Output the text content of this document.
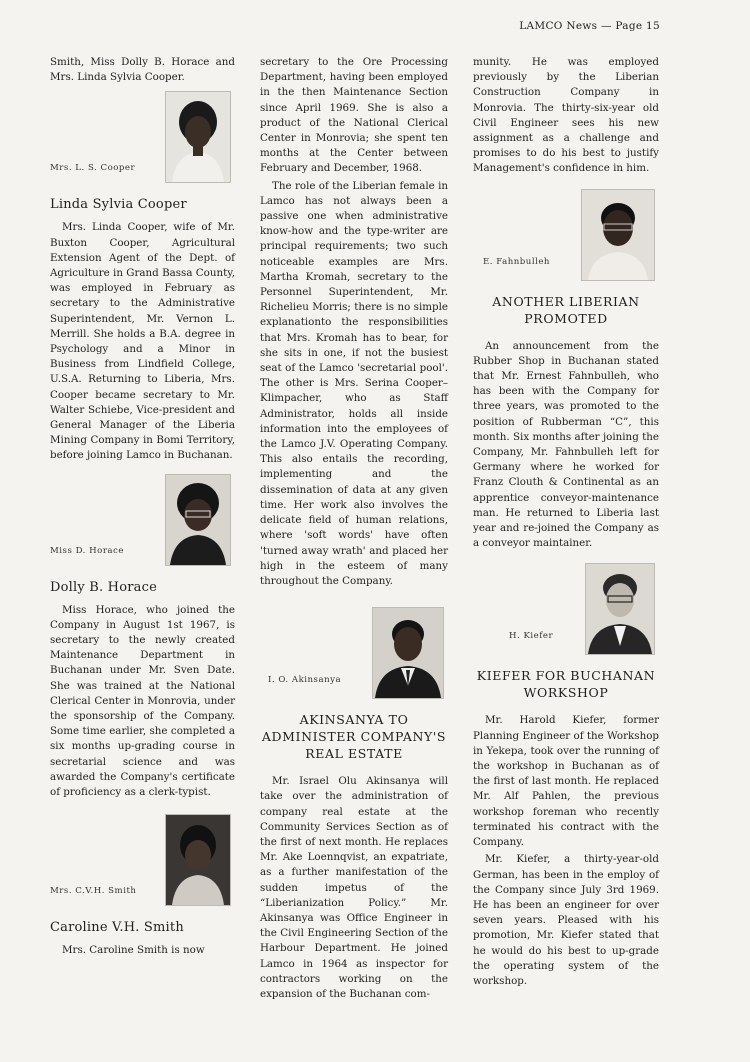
LAMCO News — Page 15

Smith, Miss Dolly B. Horace and Mrs. Linda Sylvia Cooper.

Mrs. L. S. Cooper
Linda Sylvia Cooper

Mrs. Linda Cooper, wife of Mr. Buxton Cooper, Agricultural Extension Agent of the Dept. of Agriculture in Grand Bassa County, was employed in February as secretary to the Administrative Superintendent, Mr. Vernon L. Merrill. She holds a B.A. degree in Psychology and a Minor in Business from Lindfield College, U.S.A. Returning to Liberia, Mrs. Cooper became secretary to Mr. Walter Schiebe, Vice-president and General Manager of the Liberia Mining Company in Bomi Territory, before joining Lamco in Buchanan.

Miss D. Horace
Dolly B. Horace

Miss Horace, who joined the Company in August 1st 1967, is secretary to the newly created Maintenance Department in Buchanan under Mr. Sven Date. She was trained at the National Clerical Center in Monrovia, under the sponsorship of the Company. Some time earlier, she completed a six months up-grading course in secretarial science and was awarded the Company's certificate of proficiency as a clerk-typist.

Mrs. C.V.H. Smith
Caroline V.H. Smith

Mrs. Caroline Smith is now

secretary to the Ore Processing Department, having been employed in the then Maintenance Section since April 1969. She is also a product of the National Clerical Center in Monrovia; she spent ten months at the Center between February and December, 1968.

The role of the Liberian female in Lamco has not always been a passive one when administrative know-how and the type-writer are principal requirements; two such noticeable examples are Mrs. Martha Kromah, secretary to the Personnel Superintendent, Mr. Richelieu Morris; there is no simple explanationto the responsibilities that Mrs. Kromah has to bear, for she sits in one, if not the busiest seat of the Lamco 'secretarial pool'. The other is Mrs. Serina Cooper–Klimpacher, who as Staff Administrator, holds all inside information into the employees of the Lamco J.V. Operating Company. This also entails the recording, implementing and the dissemination of data at any given time. Her work also involves the delicate field of human relations, where 'soft words' have often 'turned away wrath' and placed her high in the esteem of many throughout the Company.

I. O. Akinsanya
AKINSANYA TO ADMINISTER COMPANY'S REAL ESTATE

Mr. Israel Olu Akinsanya will take over the administration of company real estate at the Community Services Section as of the first of next month. He replaces Mr. Ake Loennqvist, an expatriate, as a further manifestation of the sudden impetus of the “Liberianization Policy.” Mr. Akinsanya was Office Engineer in the Civil Engineering Section of the Harbour Department. He joined Lamco in 1964 as inspector for contractors working on the expansion of the Buchanan com-

munity. He was employed previously by the Liberian Construction Company in Monrovia. The thirty-six-year old Civil Engineer sees his new assignment as a challenge and promises to do his best to justify Management's confidence in him.

E. Fahnbulleh
ANOTHER LIBERIAN PROMOTED

An announcement from the Rubber Shop in Buchanan stated that Mr. Ernest Fahnbulleh, who has been with the Company for three years, was promoted to the position of Rubberman “C”, this month. Six months after joining the Company, Mr. Fahnbulleh left for Germany where he worked for Franz Clouth & Continental as an apprentice conveyor-maintenance man. He returned to Liberia last year and re-joined the Company as a conveyor maintainer.

H. Kiefer
KIEFER FOR BUCHANAN WORKSHOP

Mr. Harold Kiefer, former Planning Engineer of the Workshop in Yekepa, took over the running of the workshop in Buchanan as of the first of last month. He replaced Mr. Alf Pahlen, the previous workshop foreman who recently terminated his contract with the Company.

Mr. Kiefer, a thirty-year-old German, has been in the employ of the Company since July 3rd 1969. He has been an engineer for over seven years. Pleased with his promotion, Mr. Kiefer stated that he would do his best to up-grade the operating system of the workshop.
